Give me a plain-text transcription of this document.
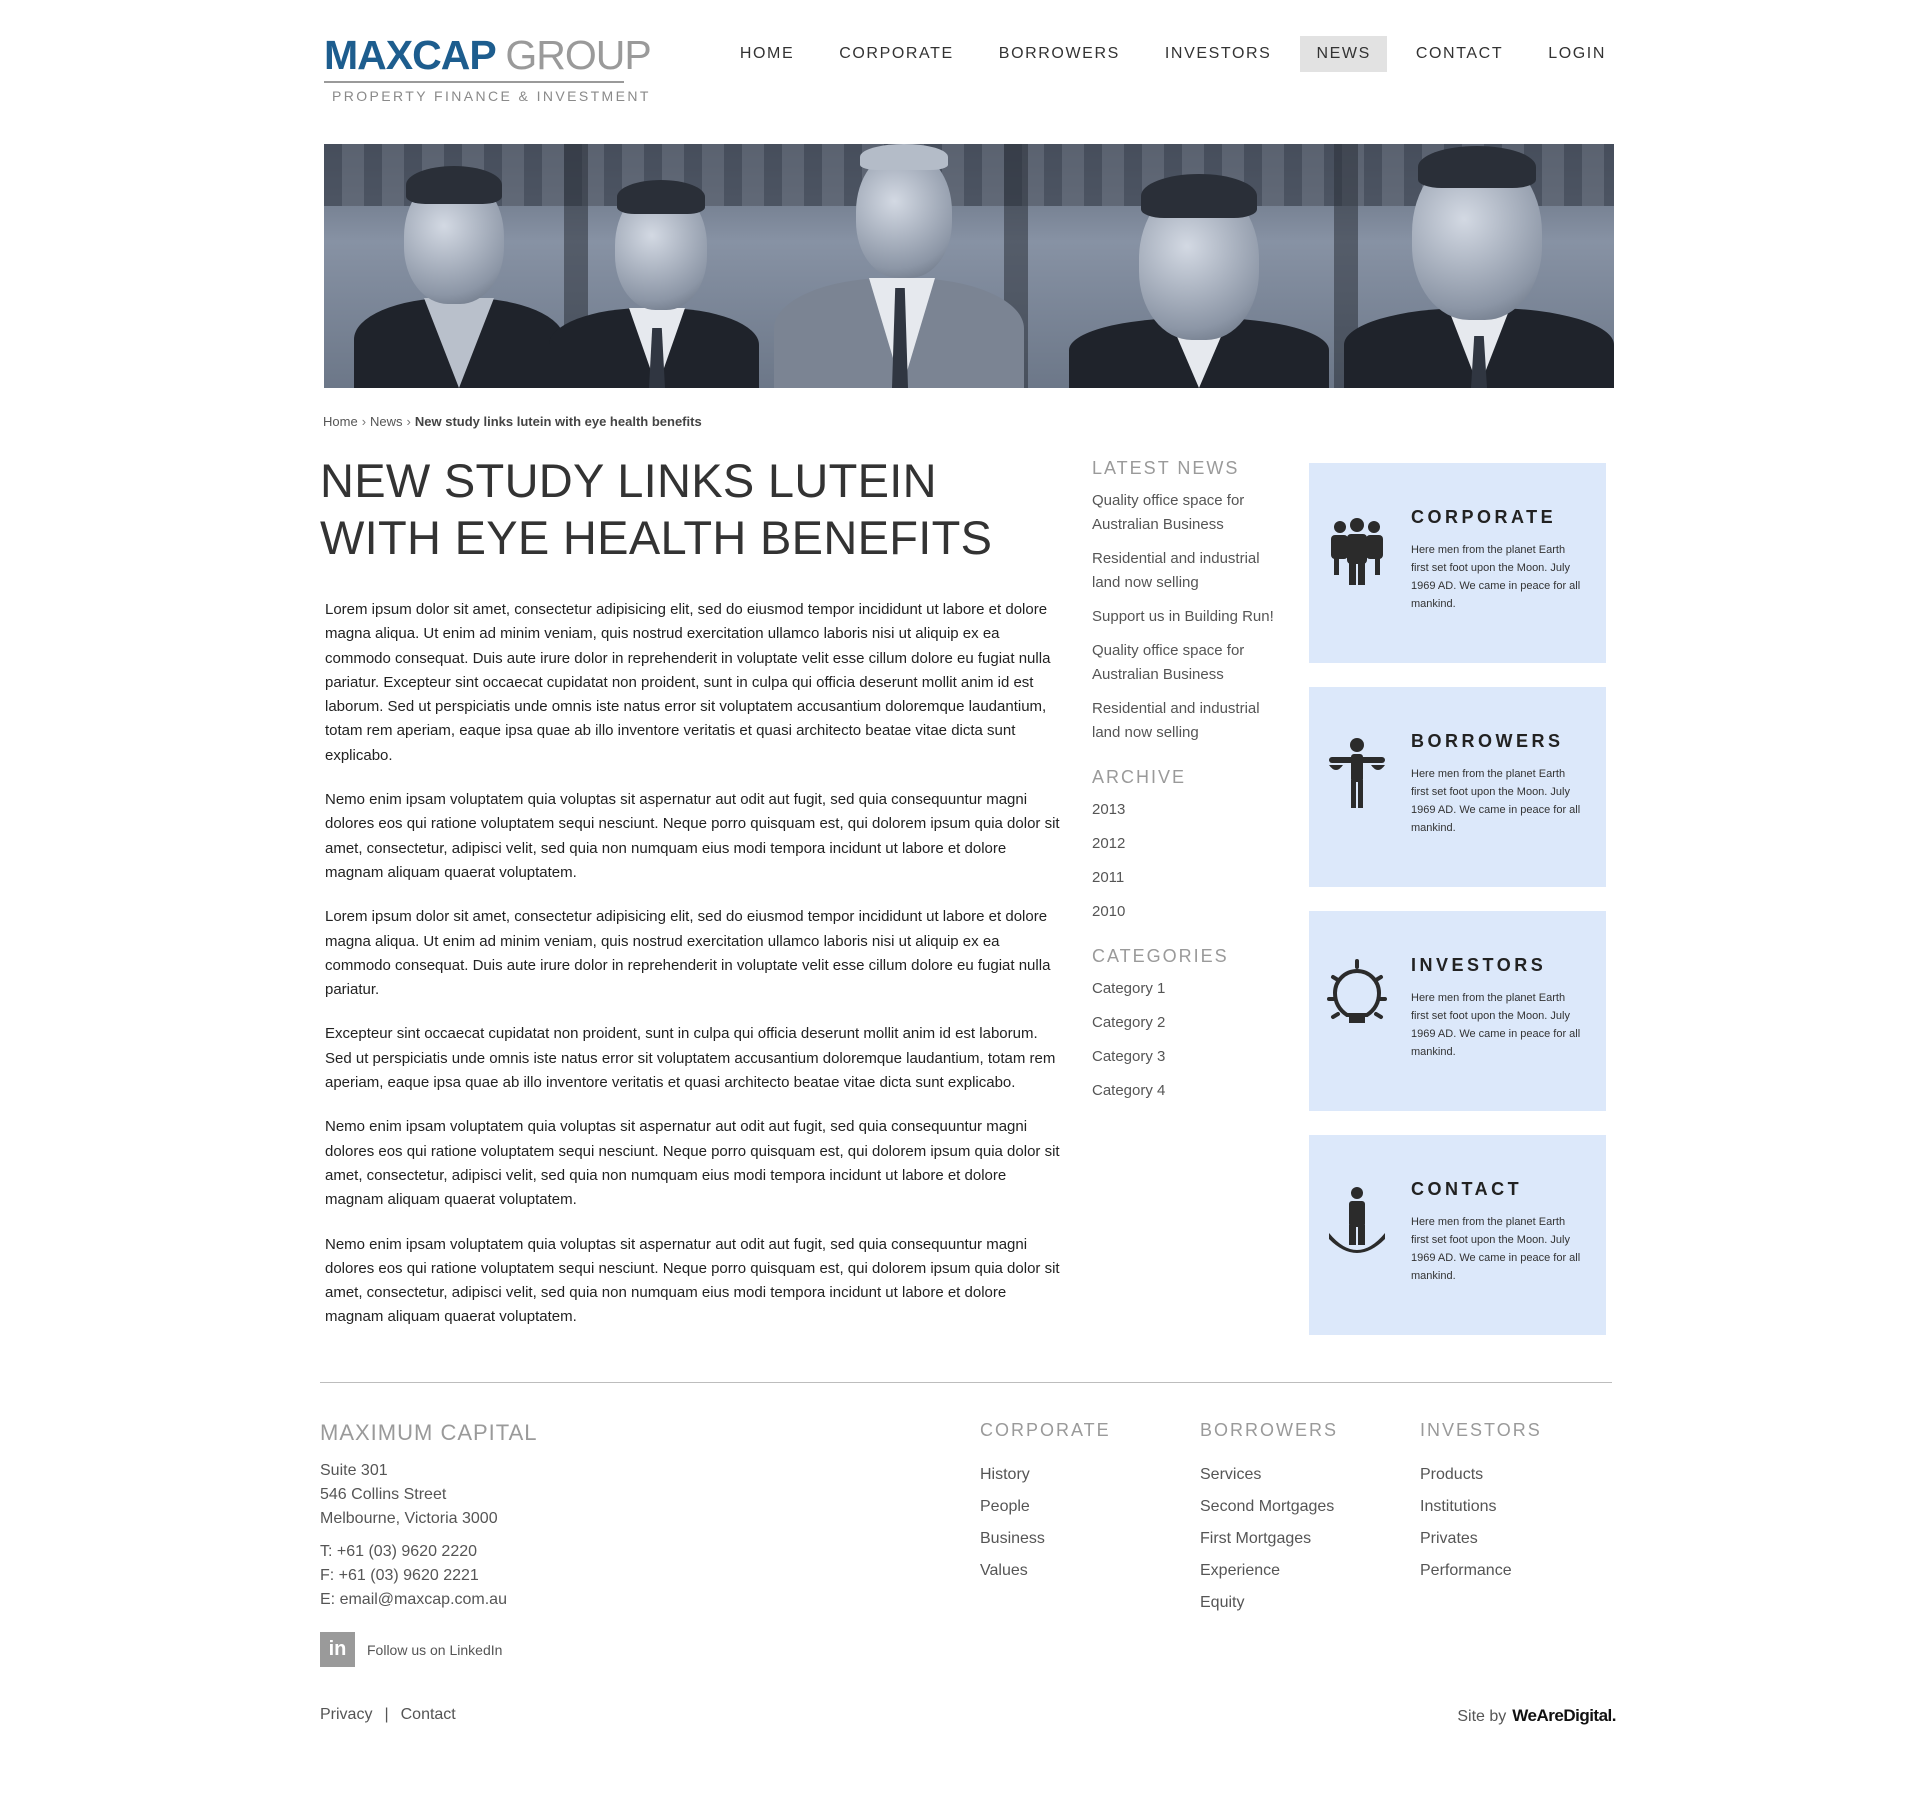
MAXCAP GROUP
PROPERTY FINANCE & INVESTMENT
HOME	CORPORATE	BORROWERS	INVESTORS	NEWS	CONTACT	LOGIN
Home › News › New study links lutein with eye health benefits
NEW STUDY LINKS LUTEIN WITH EYE HEALTH BENEFITS

Lorem ipsum dolor sit amet, consectetur adipisicing elit, sed do eiusmod tempor incididunt ut labore et dolore magna aliqua. Ut enim ad minim veniam, quis nostrud exercitation ullamco laboris nisi ut aliquip ex ea commodo consequat. Duis aute irure dolor in reprehenderit in voluptate velit esse cillum dolore eu fugiat nulla pariatur. Excepteur sint occaecat cupidatat non proident, sunt in culpa qui officia deserunt mollit anim id est laborum. Sed ut perspiciatis unde omnis iste natus error sit voluptatem accusantium doloremque laudantium, totam rem aperiam, eaque ipsa quae ab illo inventore veritatis et quasi architecto beatae vitae dicta sunt explicabo.

Nemo enim ipsam voluptatem quia voluptas sit aspernatur aut odit aut fugit, sed quia consequuntur magni dolores eos qui ratione voluptatem sequi nesciunt. Neque porro quisquam est, qui dolorem ipsum quia dolor sit amet, consectetur, adipisci velit, sed quia non numquam eius modi tempora incidunt ut labore et dolore magnam aliquam quaerat voluptatem.

Lorem ipsum dolor sit amet, consectetur adipisicing elit, sed do eiusmod tempor incididunt ut labore et dolore magna aliqua. Ut enim ad minim veniam, quis nostrud exercitation ullamco laboris nisi ut aliquip ex ea commodo consequat. Duis aute irure dolor in reprehenderit in voluptate velit esse cillum dolore eu fugiat nulla pariatur.

Excepteur sint occaecat cupidatat non proident, sunt in culpa qui officia deserunt mollit anim id est laborum. Sed ut perspiciatis unde omnis iste natus error sit voluptatem accusantium doloremque laudantium, totam rem aperiam, eaque ipsa quae ab illo inventore veritatis et quasi architecto beatae vitae dicta sunt explicabo.

Nemo enim ipsam voluptatem quia voluptas sit aspernatur aut odit aut fugit, sed quia consequuntur magni dolores eos qui ratione voluptatem sequi nesciunt. Neque porro quisquam est, qui dolorem ipsum quia dolor sit amet, consectetur, adipisci velit, sed quia non numquam eius modi tempora incidunt ut labore et dolore magnam aliquam quaerat voluptatem.

Nemo enim ipsam voluptatem quia voluptas sit aspernatur aut odit aut fugit, sed quia consequuntur magni dolores eos qui ratione voluptatem sequi nesciunt. Neque porro quisquam est, qui dolorem ipsum quia dolor sit amet, consectetur, adipisci velit, sed quia non numquam eius modi tempora incidunt ut labore et dolore magnam aliquam quaerat voluptatem.

LATEST NEWS
Quality office space for Australian Business
Residential and industrial land now selling
Support us in Building Run!
Quality office space for Australian Business
Residential and industrial land now selling
ARCHIVE
2013
2012
2011
2010
CATEGORIES
Category 1
Category 2
Category 3
Category 4
CORPORATE
Here men from the planet Earth first set foot upon the Moon. July 1969 AD. We came in peace for all mankind.
BORROWERS
Here men from the planet Earth first set foot upon the Moon. July 1969 AD. We came in peace for all mankind.
INVESTORS
Here men from the planet Earth first set foot upon the Moon. July 1969 AD. We came in peace for all mankind.
CONTACT
Here men from the planet Earth first set foot upon the Moon. July 1969 AD. We came in peace for all mankind.
MAXIMUM CAPITAL
Suite 301
546 Collins Street
Melbourne, Victoria 3000
T: +61 (03) 9620 2220
F: +61 (03) 9620 2221
E: email@maxcap.com.au
in	Follow us on LinkedIn
Privacy | Contact
CORPORATE
History
People
Business
Values
BORROWERS
Services
Second Mortgages
First Mortgages
Experience
Equity
INVESTORS
Products
Institutions
Privates
Performance
Site by WeAreDigital.
